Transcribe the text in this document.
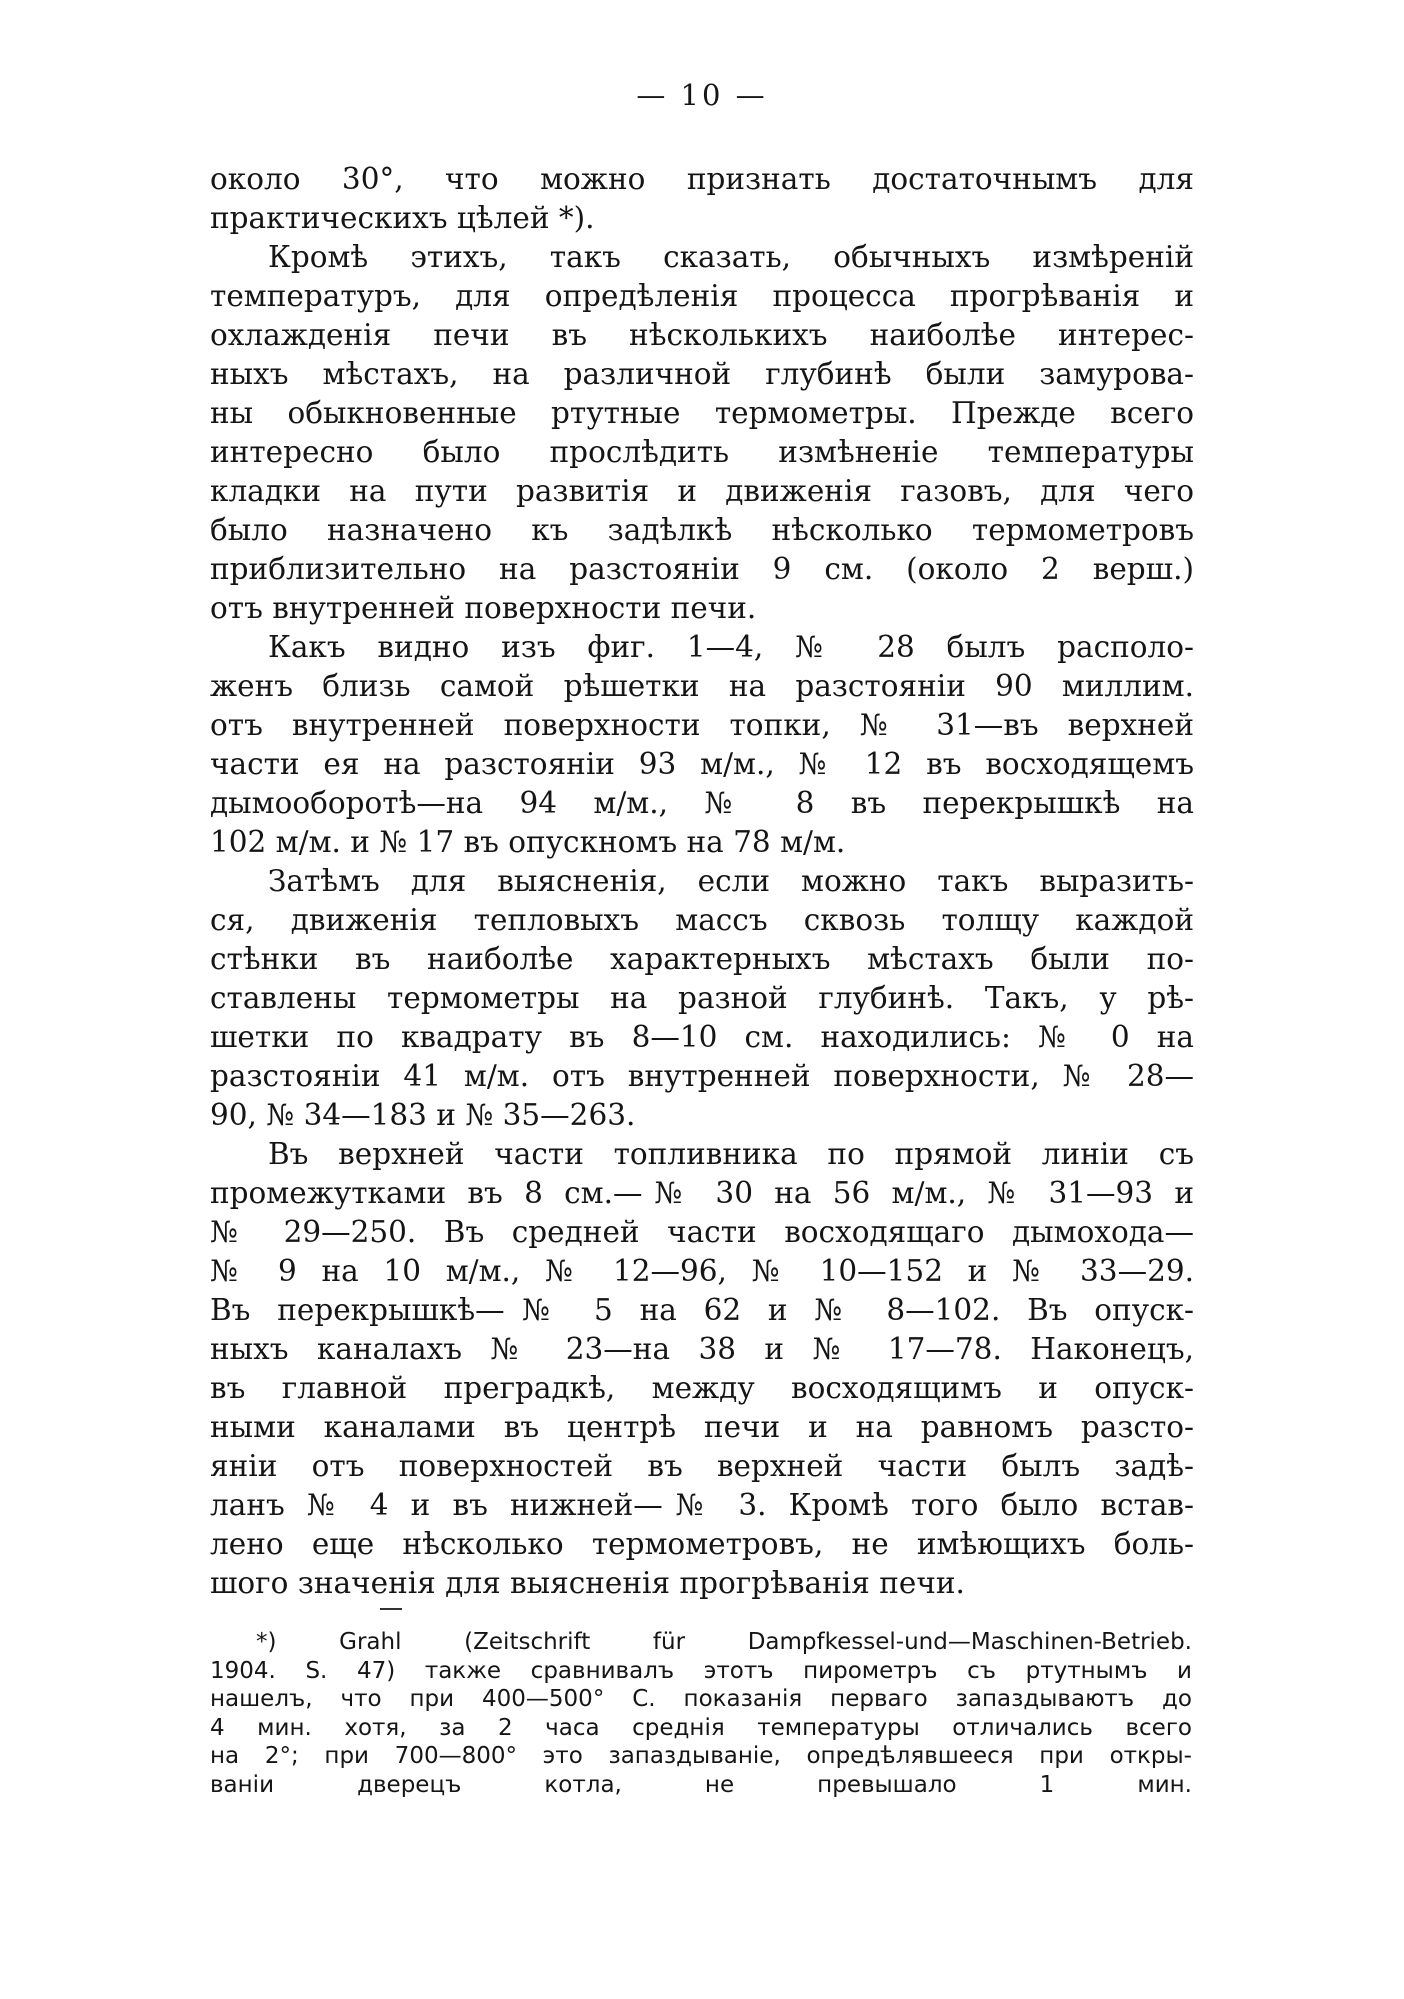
— 10 —
около 30°, что можно признать достаточнымъ для
практическихъ цѣлей *).
Кромѣ этихъ, такъ сказать, обычныхъ измѣреній
температуръ, для опредѣленія процесса прогрѣванія и
охлажденія печи въ нѣсколькихъ наиболѣе интерес-
ныхъ мѣстахъ, на различной глубинѣ были замурова-
ны обыкновенные ртутные термометры. Прежде всего
интересно было прослѣдить измѣненіе температуры
кладки на пути развитія и движенія газовъ, для чего
было назначено къ задѣлкѣ нѣсколько термометровъ
приблизительно на разстояніи 9 см. (около 2 верш.)
отъ внутренней поверхности печи.
Какъ видно изъ фиг. 1—4, № 28 былъ располо-
женъ близь самой рѣшетки на разстояніи 90 миллим.
отъ внутренней поверхности топки, № 31—въ верхней
части ея на разстояніи 93 м/м., № 12 въ восходящемъ
дымооборотѣ—на 94 м/м., № 8 въ перекрышкѣ на
102 м/м. и № 17 въ опускномъ на 78 м/м.
Затѣмъ для выясненія, если можно такъ выразить-
ся, движенія тепловыхъ массъ сквозь толщу каждой
стѣнки въ наиболѣе характерныхъ мѣстахъ были по-
ставлены термометры на разной глубинѣ. Такъ, у рѣ-
шетки по квадрату въ 8—10 см. находились: № 0 на
разстояніи 41 м/м. отъ внутренней поверхности, № 28—
90, № 34—183 и № 35—263.
Въ верхней части топливника по прямой линіи съ
промежутками въ 8 см.—№ 30 на 56 м/м., № 31—93 и
№ 29—250. Въ средней части восходящаго дымохода—
№ 9 на 10 м/м., № 12—96, № 10—152 и № 33—29.
Въ перекрышкѣ—№ 5 на 62 и № 8—102. Въ опуск-
ныхъ каналахъ № 23—на 38 и № 17—78. Наконецъ,
въ главной преградкѣ, между восходящимъ и опуск-
ными каналами въ центрѣ печи и на равномъ разсто-
яніи отъ поверхностей въ верхней части былъ задѣ-
ланъ № 4 и въ нижней—№ 3. Кромѣ того было встав-
лено еще нѣсколько термометровъ, не имѣющихъ боль-
шого значенія для выясненія прогрѣванія печи.
*) Grahl (Zeitschrift für Dampfkessel-und—Maschinen-Betrieb.
1904. S. 47) также сравнивалъ этотъ пирометръ съ ртутнымъ и
нашелъ, что при 400—500° С. показанія перваго запаздываютъ до
4 мин. хотя, за 2 часа среднія температуры отличались всего
на 2°; при 700—800° это запаздываніе, опредѣлявшееся при откры-
ваніи дверецъ котла, не превышало 1 мин.
